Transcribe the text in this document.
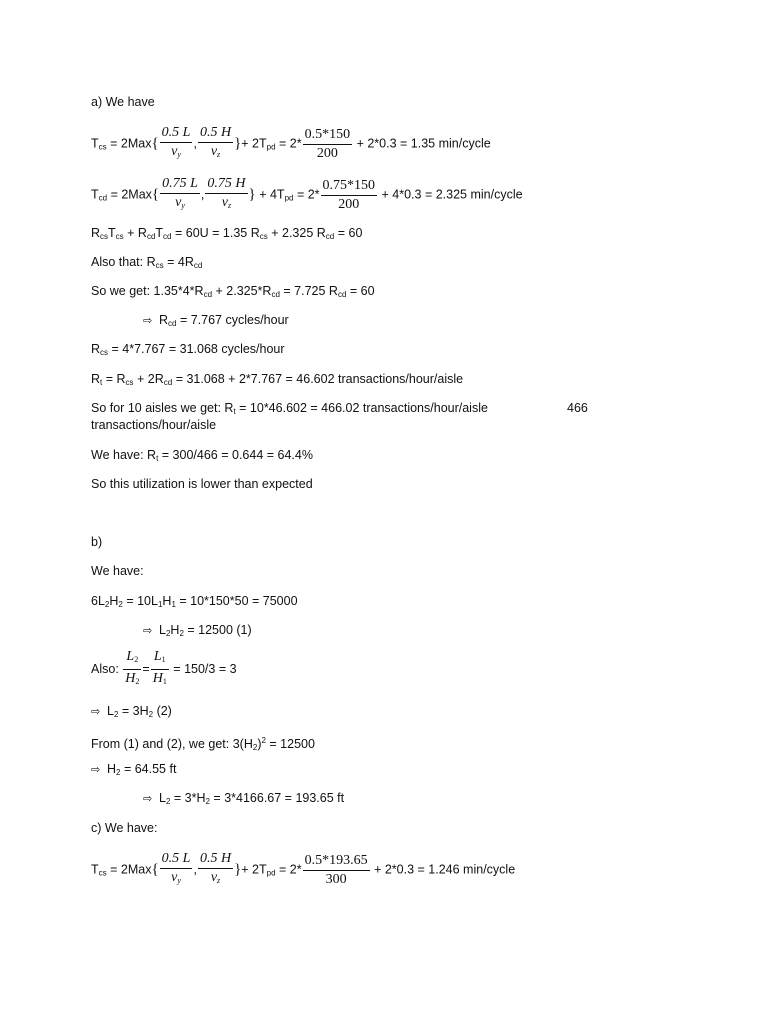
a) We have
$T_{cs} = 2Max\{ \frac{0.5 L}{v_y}$ , $\frac{0.5 H}{v_z}$ }+ $2T_{pd} = 2* \frac{0.5*150}{200} + 2*0.3 = 1.35$ min/cycle
$T_{cd} = 2Max\{ \frac{0.75 L}{v_y}$ , $\frac{0.75 H}{v_z}$ } + $4T_{pd} = 2* \frac{0.75*150}{200} + 4*0.3 = 2.325$ min/cycle
$R_{cs}T_{cs} + R_{cd}T_{cd} = 60U = 1.35$ $R_{cs} + 2.325$ $R_{cd} = 60$
Also that: $R_{cs} = 4R_{cd}$
So we get: $1.35*4*R_{cd} + 2.325*R_{cd} = 7.725$ $R_{cd} = 60$
⇨ $R_{cd} = 7.767$ cycles/hour
$R_{cs} = 4*7.767 = 31.068$ cycles/hour
$R_t = R_{cs} + 2R_{cd} = 31.068 + 2*7.767 = 46.602$ transactions/hour/aisle
So for 10 aisles we get: $R_t = 10*46.602 = 466.02$ transactions/hour/aisle	466
transactions/hour/aisle
We have: $R_t = 300/466 = 0.644 = 64.4\%$
So this utilization is lower than expected
b)
We have:
$6L_2H_2 = 10L_1H_1 = 10*150*50 = 75000$
⇨ $L_2H_2 = 12500$ (1)
Also: $\frac{L_2}{H_2} = \frac{L_1}{H_1} = 150/3 = 3$
⇨ $L_2 = 3H_2$ (2)
From (1) and (2), we get: $3(H_2)^2 = 12500$
⇨ $H_2 = 64.55$ ft
⇨ $L_2 = 3*H_2 = 3*4166.67 = 193.65$ ft
c) We have:
$T_{cs} = 2Max\{ \frac{0.5 L}{v_y}$ , $\frac{0.5 H}{v_z}$ }+ $2T_{pd} = 2* \frac{0.5*193.65}{300} + 2*0.3 = 1.246$ min/cycle
